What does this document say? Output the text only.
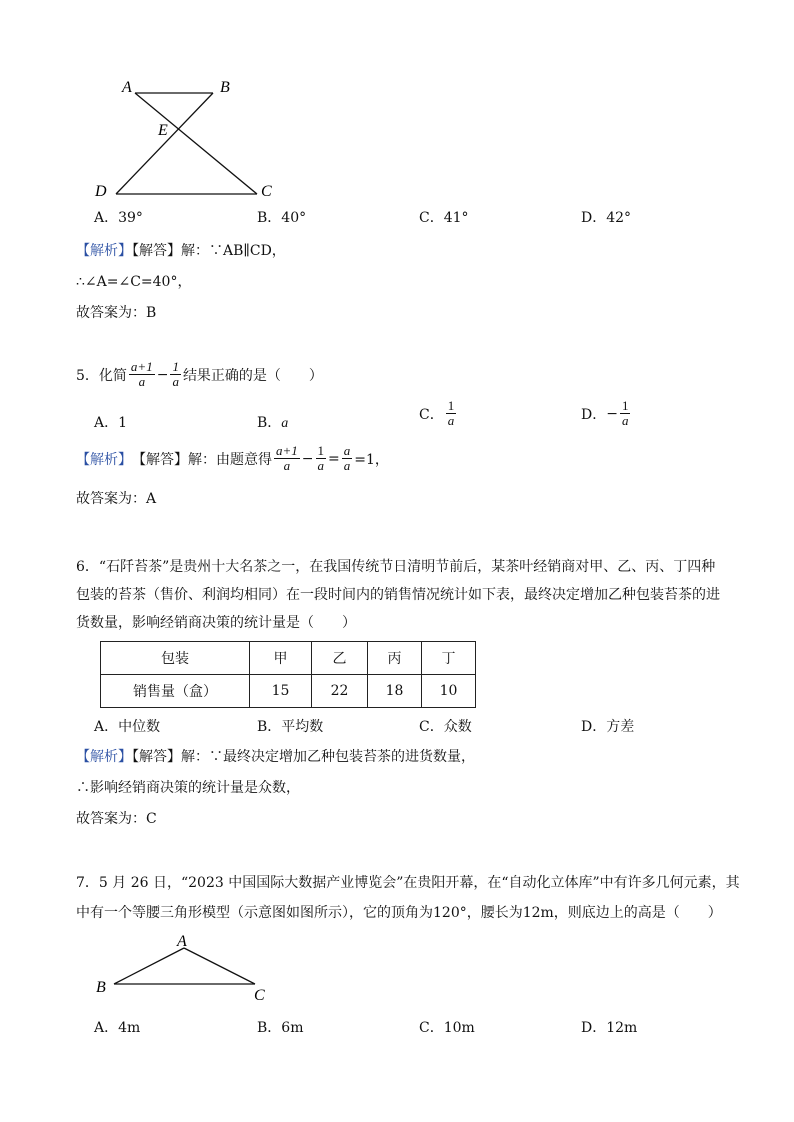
A	B
E
D	C
A．39°	B．40°	C．41°	D．42°
【解析】【解答】解：∵AB∥CD，
∴∠A=∠C=40°，
故答案为：B
5．化简 $\frac{a+1}{a} - \frac{1}{a}$ 结果正确的是（　　）
A．1	B．a
C． $\frac{1}{a}$	D． − $\frac{1}{a}$
【解析】 【解答】解：由题意得 $\frac{a+1}{a} - \frac{1}{a} = \frac{a}{a} =1$，
故答案为：A
6．“石阡苔茶”是贵州十大名茶之一，在我国传统节日清明节前后，某茶叶经销商对甲、乙、丙、丁四种
包装的苔茶（售价、利润均相同）在一段时间内的销售情况统计如下表，最终决定增加乙种包装苔茶的进
货数量，影响经销商决策的统计量是（　　）
包装	甲	乙	丙	丁
销售量（盒）	15	22	18	10
A．中位数	B．平均数	C．众数	D．方差
【解析】【解答】解：∵最终决定增加乙种包装苔茶的进货数量，
∴影响经销商决策的统计量是众数，
故答案为：C
7．5 月 26 日，“2023 中国国际大数据产业博览会”在贵阳开幕，在“自动化立体库”中有许多几何元素，其
中有一个等腰三角形模型（示意图如图所示），它的顶角为120°，腰长为12m，则底边上的高是（　　）
A
B	C
A．4m	B．6m	C．10m	D．12m
